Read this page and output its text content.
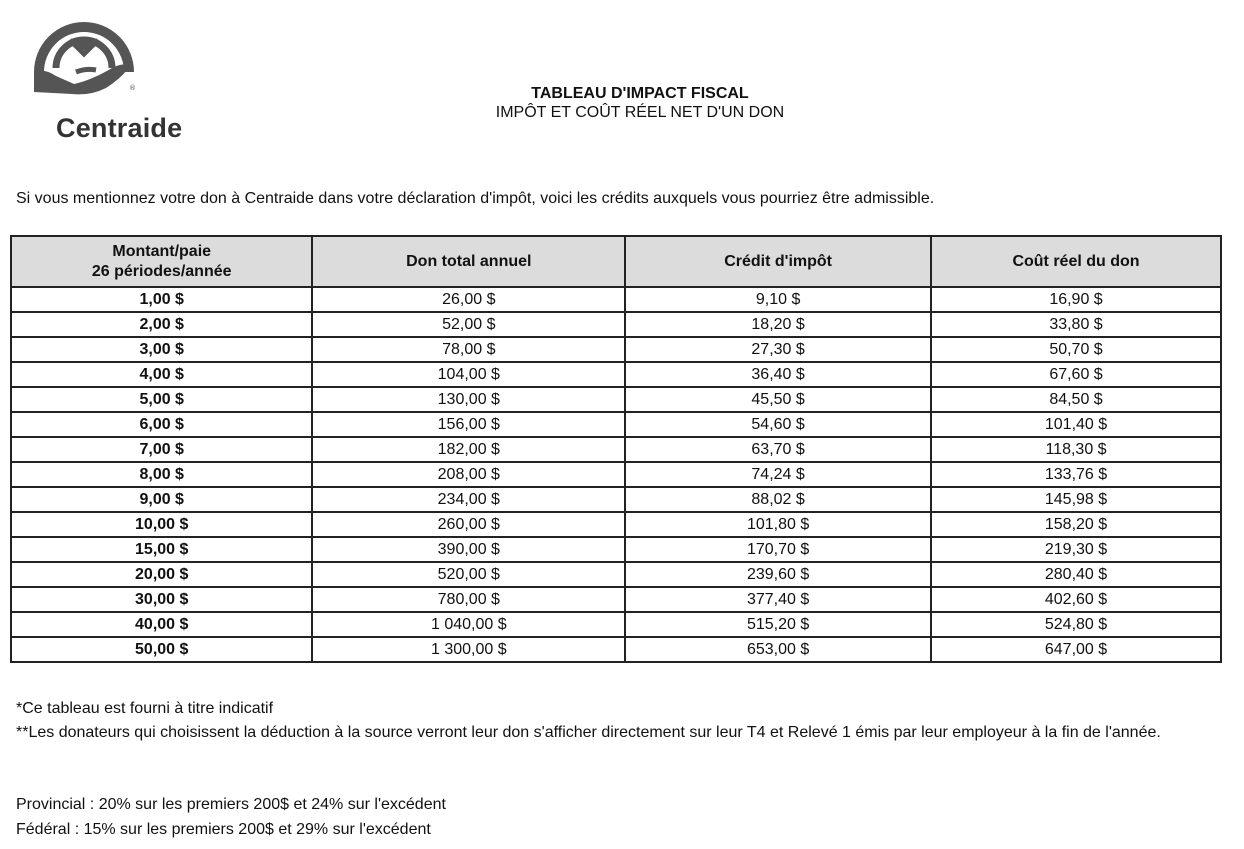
®
Centraide
TABLEAU D'IMPACT FISCAL
IMPÔT ET COÛT RÉEL NET D'UN DON
Si vous mentionnez votre don à Centraide dans votre déclaration d'impôt, voici les crédits auxquels vous pourriez être admissible.
Montant/paie
26 périodes/année	Don total annuel	Crédit d'impôt	Coût réel du don
1,00 $	26,00 $	9,10 $	16,90 $
2,00 $	52,00 $	18,20 $	33,80 $
3,00 $	78,00 $	27,30 $	50,70 $
4,00 $	104,00 $	36,40 $	67,60 $
5,00 $	130,00 $	45,50 $	84,50 $
6,00 $	156,00 $	54,60 $	101,40 $
7,00 $	182,00 $	63,70 $	118,30 $
8,00 $	208,00 $	74,24 $	133,76 $
9,00 $	234,00 $	88,02 $	145,98 $
10,00 $	260,00 $	101,80 $	158,20 $
15,00 $	390,00 $	170,70 $	219,30 $
20,00 $	520,00 $	239,60 $	280,40 $
30,00 $	780,00 $	377,40 $	402,60 $
40,00 $	1 040,00 $	515,20 $	524,80 $
50,00 $	1 300,00 $	653,00 $	647,00 $
*Ce tableau est fourni à titre indicatif
**Les donateurs qui choisissent la déduction à la source verront leur don s'afficher directement sur leur T4 et Relevé 1 émis par leur employeur à la fin de l'année.
Provincial : 20% sur les premiers 200$ et 24% sur l'excédent
Fédéral : 15% sur les premiers 200$ et 29% sur l'excédent
